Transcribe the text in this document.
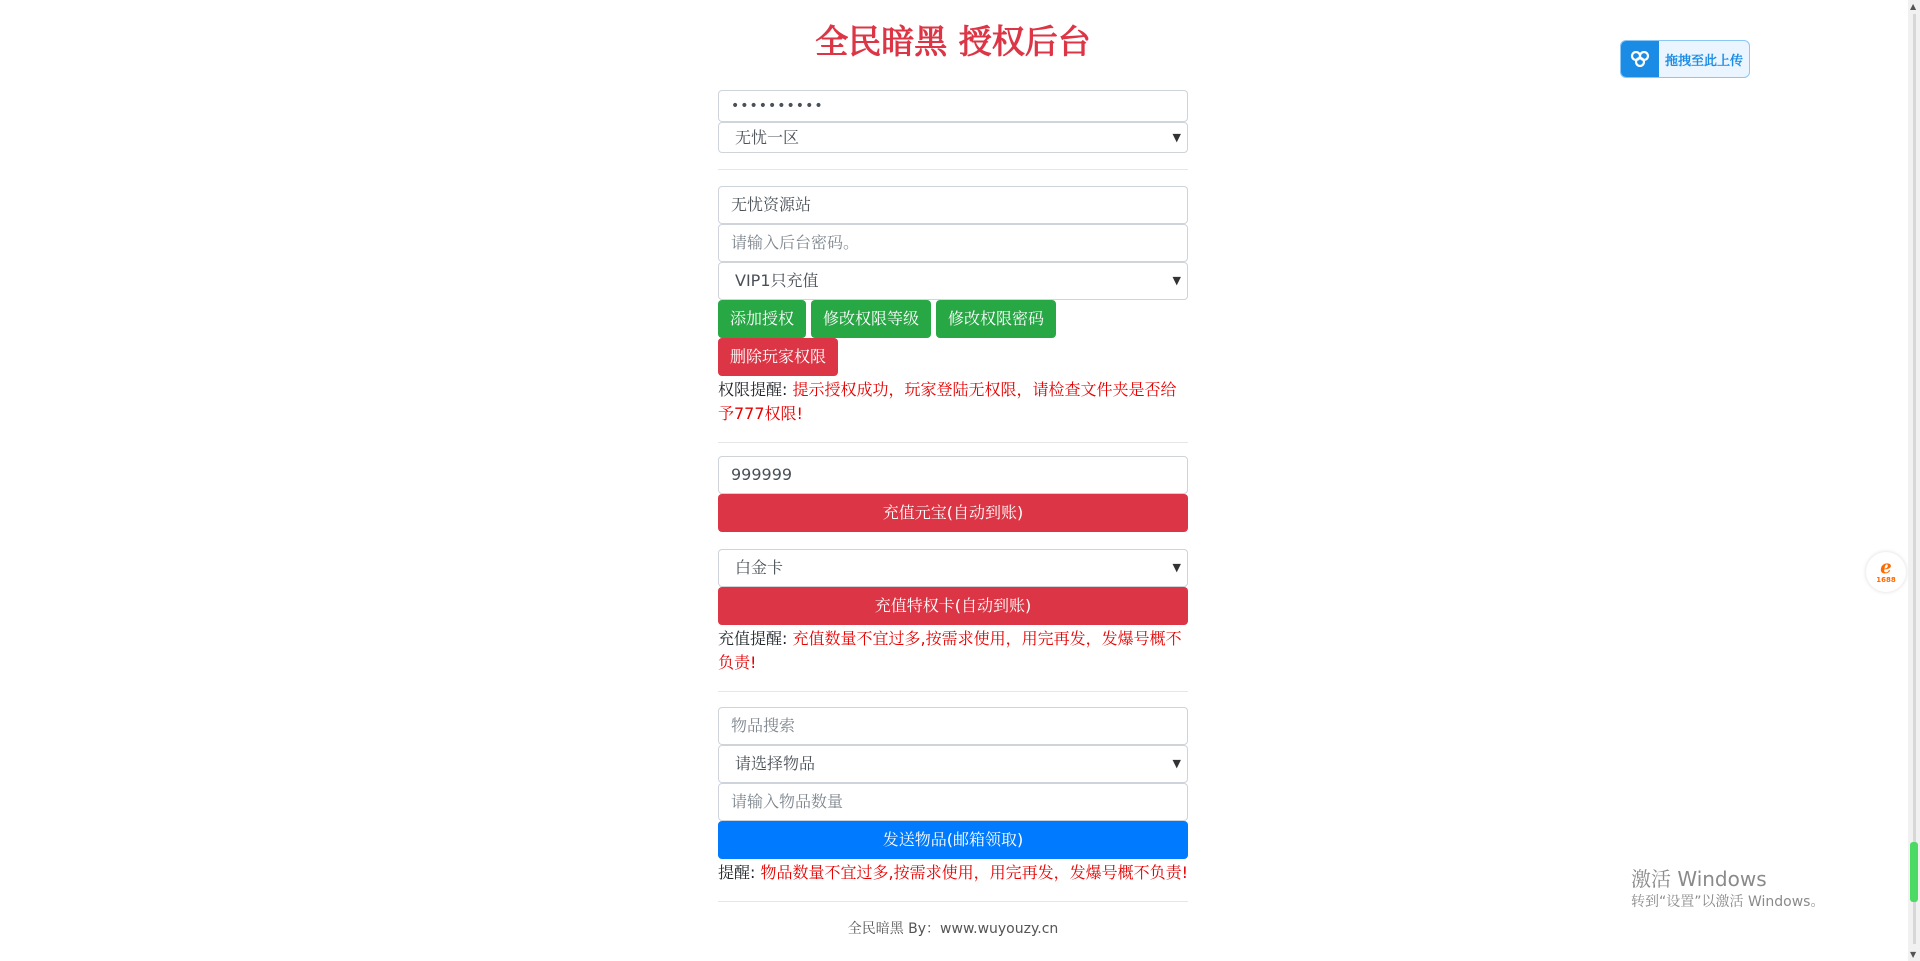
全民暗黑 授权后台
••••••••••
无忧一区	▼
无忧资源站
请输入后台密码。
VIP1只充值	▼
添加授权	修改权限等级	修改权限密码
删除玩家权限
权限提醒: 提示授权成功，玩家登陆无权限，请检查文件夹是否给予777权限!
999999
充值元宝(自动到账)
白金卡	▼
充值特权卡(自动到账)
充值提醒: 充值数量不宜过多,按需求使用，用完再发，发爆号概不负责!
物品搜索
请选择物品	▼
请输入物品数量
发送物品(邮箱领取)
提醒: 物品数量不宜过多,按需求使用，用完再发，发爆号概不负责!
全民暗黑 By：www.wuyouzy.cn
拖拽至此上传
ℯ
1688
激活 Windows
转到“设置”以激活 Windows。
▲
▼
